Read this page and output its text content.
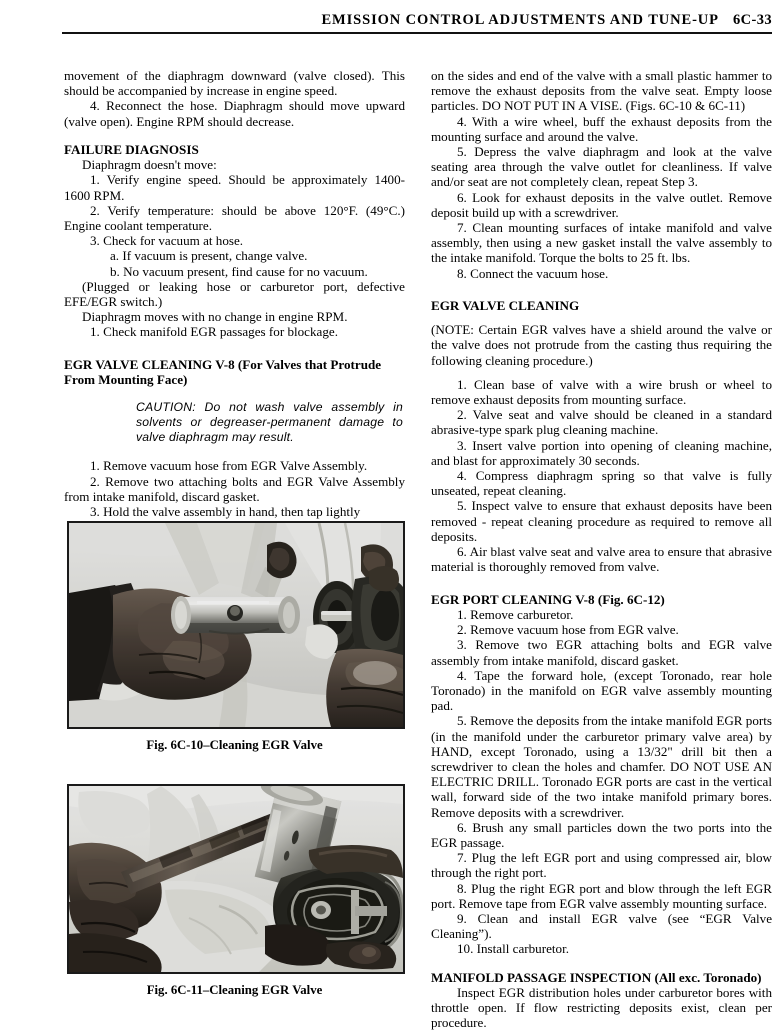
EMISSION CONTROL ADJUSTMENTS AND TUNE-UP 6C-33

movement of the diaphragm downward (valve closed). This should be accompanied by increase in engine speed.

4. Reconnect the hose. Diaphragm should move upward (valve open). Engine RPM should decrease.

FAILURE DIAGNOSIS

Diaphragm doesn't move:

1. Verify engine speed. Should be approximately 1400-1600 RPM.

2. Verify temperature: should be above 120°F. (49°C.) Engine coolant temperature.

3. Check for vacuum at hose.

a. If vacuum is present, change valve.

b. No vacuum present, find cause for no vacuum.

(Plugged or leaking hose or carburetor port, defective EFE/EGR switch.)

Diaphragm moves with no change in engine RPM.

1. Check manifold EGR passages for blockage.

EGR VALVE CLEANING V-8 (For Valves that Protrude From Mounting Face)

CAUTION: Do not wash valve assembly in solvents or degreaser-permanent damage to valve diaphragm may result.

1. Remove vacuum hose from EGR Valve Assembly.

2. Remove two attaching bolts and EGR Valve Assembly from intake manifold, discard gasket.

3. Hold the valve assembly in hand, then tap lightly

Fig. 6C-10–Cleaning EGR Valve
Fig. 6C-11–Cleaning EGR Valve

on the sides and end of the valve with a small plastic hammer to remove the exhaust deposits from the valve seat. Empty loose particles. DO NOT PUT IN A VISE. (Figs. 6C-10 & 6C-11)

4. With a wire wheel, buff the exhaust deposits from the mounting surface and around the valve.

5. Depress the valve diaphragm and look at the valve seating area through the valve outlet for cleanliness. If valve and/or seat are not completely clean, repeat Step 3.

6. Look for exhaust deposits in the valve outlet. Remove deposit build up with a screwdriver.

7. Clean mounting surfaces of intake manifold and valve assembly, then using a new gasket install the valve assembly to the intake manifold. Torque the bolts to 25 ft. lbs.

8. Connect the vacuum hose.

EGR VALVE CLEANING

(NOTE: Certain EGR valves have a shield around the valve or the valve does not protrude from the casting thus requiring the following cleaning procedure.)

1. Clean base of valve with a wire brush or wheel to remove exhaust deposits from mounting surface.

2. Valve seat and valve should be cleaned in a standard abrasive-type spark plug cleaning machine.

3. Insert valve portion into opening of cleaning machine, and blast for approximately 30 seconds.

4. Compress diaphragm spring so that valve is fully unseated, repeat cleaning.

5. Inspect valve to ensure that exhaust deposits have been removed - repeat cleaning procedure as required to remove all deposits.

6. Air blast valve seat and valve area to ensure that abrasive material is thoroughly removed from valve.

EGR PORT CLEANING V-8 (Fig. 6C-12)

1. Remove carburetor.

2. Remove vacuum hose from EGR valve.

3. Remove two EGR attaching bolts and EGR valve assembly from intake manifold, discard gasket.

4. Tape the forward hole, (except Toronado, rear hole Toronado) in the manifold on EGR valve assembly mounting pad.

5. Remove the deposits from the intake manifold EGR ports (in the manifold under the carburetor primary valve area) by HAND, except Toronado, using a 13/32" drill bit then a screwdriver to clean the holes and chamfer. DO NOT USE AN ELECTRIC DRILL. Toronado EGR ports are cast in the vertical wall, forward side of the two intake manifold primary bores. Remove deposits with a screwdriver.

6. Brush any small particles down the two ports into the EGR passage.

7. Plug the left EGR port and using compressed air, blow through the right port.

8. Plug the right EGR port and blow through the left EGR port. Remove tape from EGR valve assembly mounting surface.

9. Clean and install EGR valve (see “EGR Valve Cleaning”).

10. Install carburetor.

MANIFOLD PASSAGE INSPECTION (All exc. Toronado)

Inspect EGR distribution holes under carburetor bores with throttle open. If flow restricting deposits exist, clean per procedure.
